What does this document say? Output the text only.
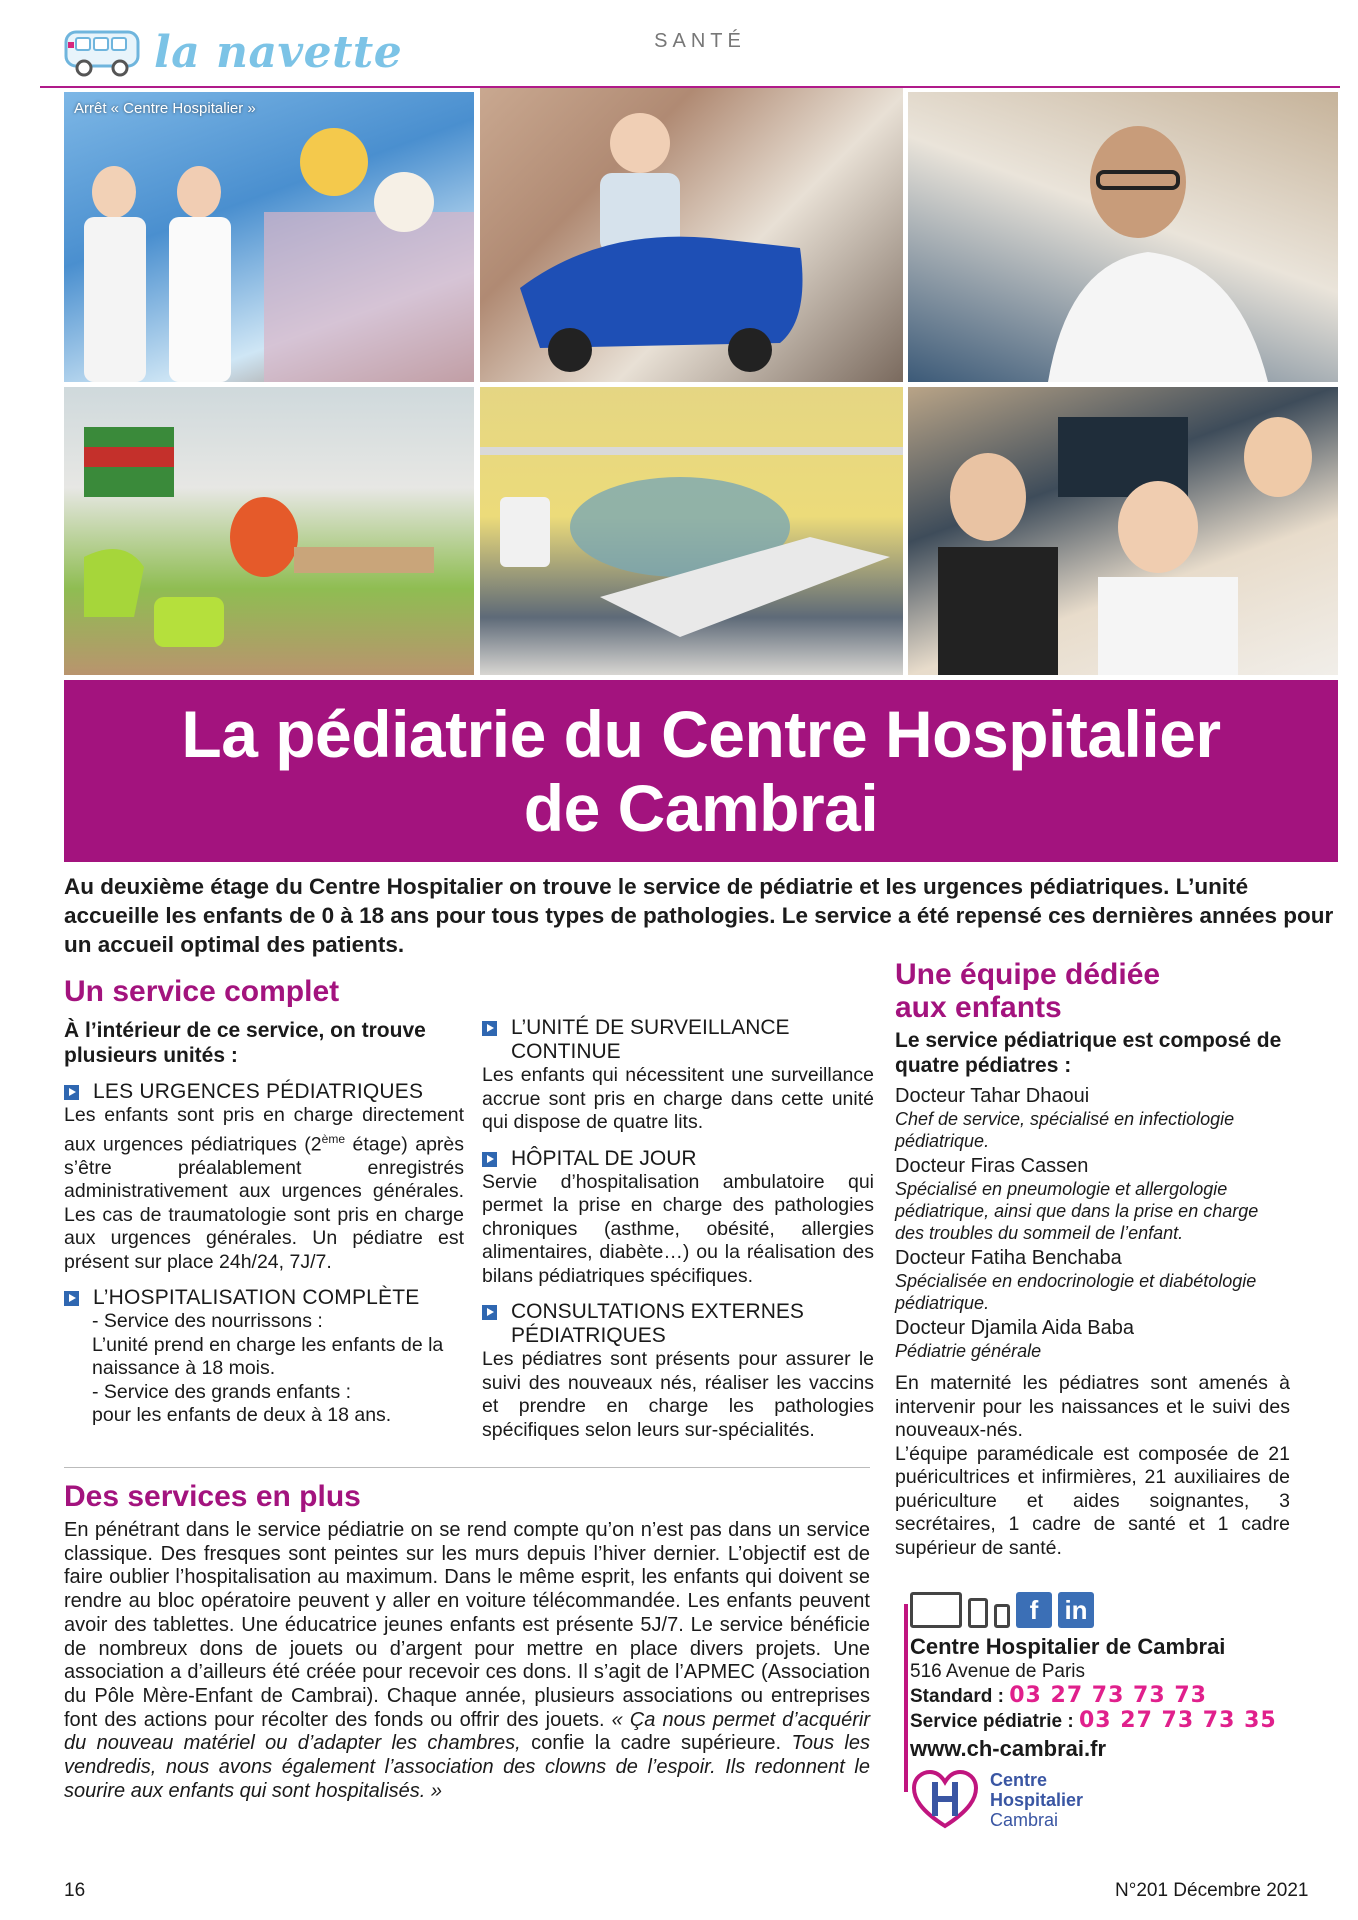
la navette	SANTÉ
Arrêt « Centre Hospitalier »
La pédiatrie du Centre Hospitalier
de Cambrai
Au deuxième étage du Centre Hospitalier on trouve le service de pédiatrie et les urgences pédiatriques. L’unité accueille les enfants de 0 à 18 ans pour tous types de pathologies. Le service a été repensé ces dernières années pour un accueil optimal des patients.
Un service complet
À l’intérieur de ce service, on trouve plusieurs unités :
LES URGENCES PÉDIATRIQUES
Les enfants sont pris en charge directement aux urgences pédiatriques (2ème étage) après s’être préalablement enregistrés administrativement aux urgences générales. Les cas de traumatologie sont pris en charge aux urgences générales. Un pédiatre est présent sur place 24h/24, 7J/7.
L’HOSPITALISATION COMPLÈTE
- Service des nourrissons :
L’unité prend en charge les enfants de la naissance à 18 mois.
- Service des grands enfants :
pour les enfants de deux à 18 ans.
L’UNITÉ DE SURVEILLANCE
CONTINUE
Les enfants qui nécessitent une surveillance accrue sont pris en charge dans cette unité qui dispose de quatre lits.
HÔPITAL DE JOUR
Servie d’hospitalisation ambulatoire qui permet la prise en charge des pathologies chroniques (asthme, obésité, allergies alimentaires, diabète…) ou la réalisation des bilans pédiatriques spécifiques.
CONSULTATIONS EXTERNES
PÉDIATRIQUES
Les pédiatres sont présents pour assurer le suivi des nouveaux nés, réaliser les vaccins et prendre en charge les pathologies spécifiques selon leurs sur-spécialités.
Une équipe dédiée
aux enfants
Le service pédiatrique est composé de quatre pédiatres :
Docteur Tahar Dhaoui
Chef de service, spécialisé en infectiologie pédiatrique.
Docteur Firas Cassen
Spécialisé en pneumologie et allergologie pédiatrique, ainsi que dans la prise en charge des troubles du sommeil de l’enfant.
Docteur Fatiha Benchaba
Spécialisée en endocrinologie et diabétologie pédiatrique.
Docteur Djamila Aida Baba
Pédiatrie générale
En maternité les pédiatres sont amenés à intervenir pour les naissances et le suivi des nouveaux-nés.
L’équipe paramédicale est composée de 21 puéricultrices et infirmières, 21 auxiliaires de puériculture et aides soignantes, 3 secrétaires, 1 cadre de santé et 1 cadre supérieur de santé.
Des services en plus
En pénétrant dans le service pédiatrie on se rend compte qu’on n’est pas dans un service classique. Des fresques sont peintes sur les murs depuis l’hiver dernier. L’objectif est de faire oublier l’hospitalisation au maximum. Dans le même esprit, les enfants qui doivent se rendre au bloc opératoire peuvent y aller en voiture télécommandée. Les enfants peuvent avoir des tablettes. Une éducatrice jeunes enfants est présente 5J/7. Le service bénéficie de nombreux dons de jouets ou d’argent pour mettre en place divers projets. Une association a d’ailleurs été créée pour recevoir ces dons. Il s’agit de l’APMEC (Association du Pôle Mère-Enfant de Cambrai). Chaque année, plusieurs associations ou entreprises font des actions pour récolter des fonds ou offrir des jouets. « Ça nous permet d’acquérir du nouveau matériel ou d’adapter les chambres, confie la cadre supérieure. Tous les vendredis, nous avons également l’association des clowns de l’espoir. Ils redonnent le sourire aux enfants qui sont hospitalisés. »
f	in
Centre Hospitalier de Cambrai
516 Avenue de Paris
Standard : 03 27 73 73 73
Service pédiatrie : 03 27 73 73 35
www.ch-cambrai.fr
Centre
Hospitalier
Cambrai
16	N°201 Décembre 2021
